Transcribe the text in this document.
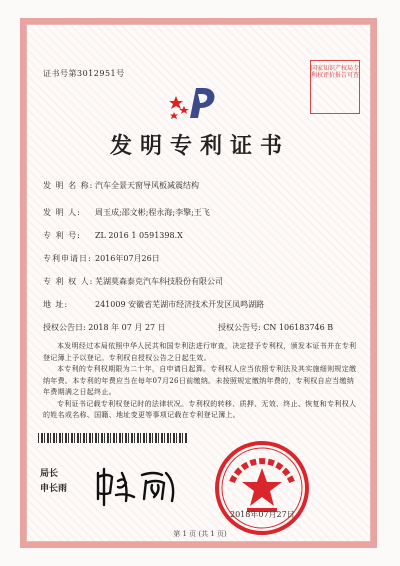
证书号第3012951号
国家知识产权局专利权评价报告可查
发明专利证书
发 明 名 称: 汽车全景天窗导风板减震结构
发 明 人: 周玉成;邵文彬;程永海;李擎;王飞
专 利 号: ZL 2016 1 0591398.X
专利申请日: 2016年07月26日
专 利 权 人: 芜湖莫森泰克汽车科技股份有限公司
地 址:	241009 安徽省芜湖市经济技术开发区凤鸣湖路
授权公告日: 2018 年 07 月 27 日	授权公告号: CN 106183746 B

本发明经过本局依照中华人民共和国专利法进行审查，决定授予专利权，颁发本证书并在专利登记簿上予以登记。专利权自授权公告之日起生效。

本专利的专利权期限为二十年，自申请日起算。专利权人应当依照专利法及其实施细则规定缴纳年费。本专利的年费应当在每年07月26日前缴纳。未按照规定缴纳年费的，专利权自应当缴纳年费期满之日起终止。

专利证书记载专利权登记时的法律状况。专利权的转移、质押、无效、终止、恢复和专利权人的姓名或名称、国籍、地址变更等事项记载在专利登记簿上。

局长
申长雨
2018年07月27日
第 1 页 (共 1 页)
